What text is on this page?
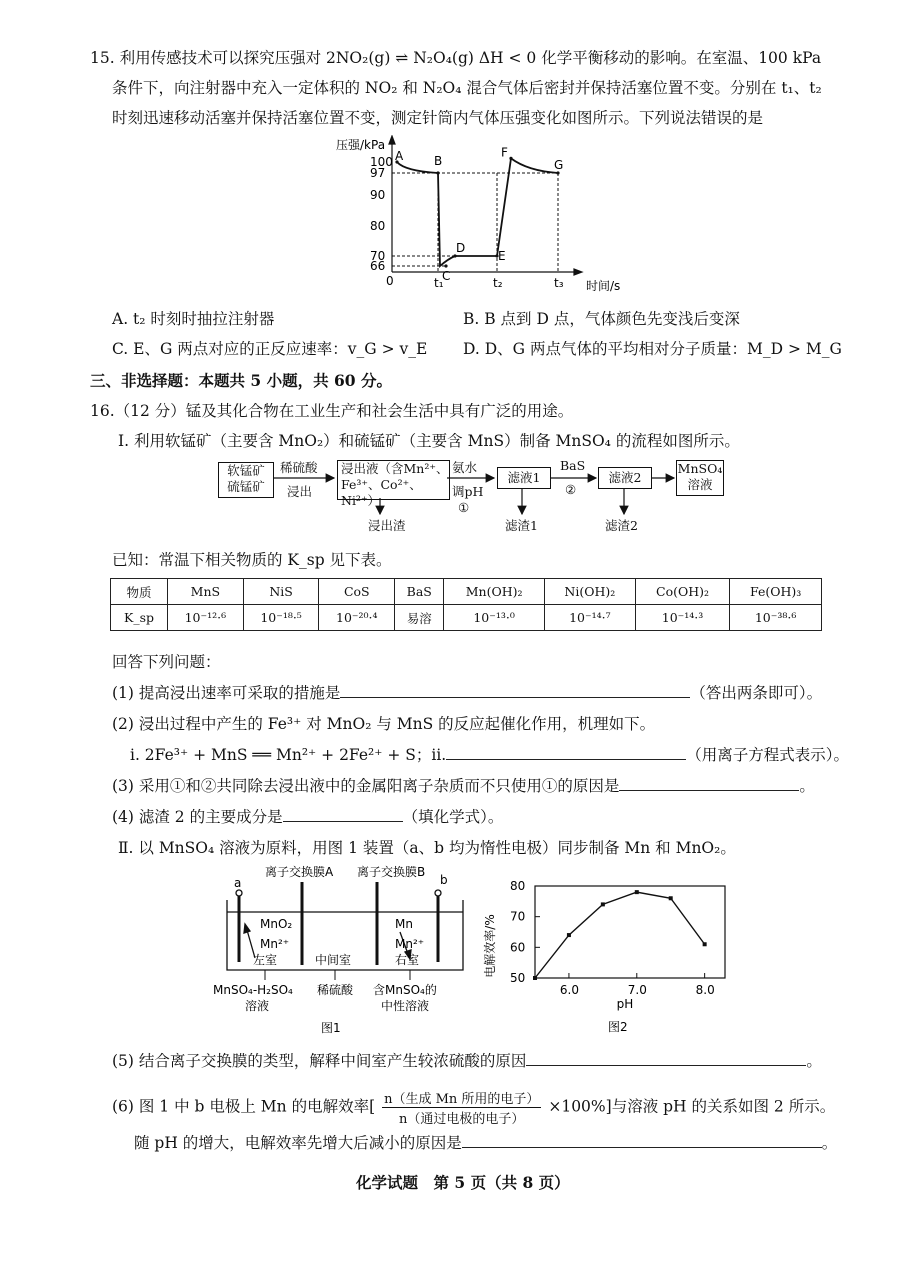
15. 利用传感技术可以探究压强对 2NO₂(g) ⇌ N₂O₄(g) ΔH < 0 化学平衡移动的影响。在室温、100 kPa
条件下，向注射器中充入一定体积的 NO₂ 和 N₂O₄ 混合气体后密封并保持活塞位置不变。分别在 t₁、t₂
时刻迅速移动活塞并保持活塞位置不变，测定针筒内气体压强变化如图所示。下列说法错误的是
压强/kPa
时间/s
0
100
97
90
80
70
66
t₁	t₂	t₃
A	B
C
D
E
F
G
A. t₂ 时刻时抽拉注射器	B. B 点到 D 点，气体颜色先变浅后变深
C. E、G 两点对应的正反应速率：v_G > v_E D. D、G 两点气体的平均相对分子质量：M_D > M_G
三、非选择题：本题共 5 小题，共 60 分。
16.（12 分）锰及其化合物在工业生产和社会生活中具有广泛的用途。
Ⅰ. 利用软锰矿（主要含 MnO₂）和硫锰矿（主要含 MnS）制备 MnSO₄ 的流程如图所示。
软锰矿
硫锰矿
稀硫酸
浸出
浸出液（含Mn²⁺、
Fe³⁺、Co²⁺、Ni²⁺）
浸出渣
氨水
调pH
①
滤液1
滤渣1
BaS
②
滤液2
滤渣2
MnSO₄
溶液
已知：常温下相关物质的 K_sp 见下表。
物质	MnS	NiS	CoS	BaS	Mn(OH)₂	Ni(OH)₂	Co(OH)₂	Fe(OH)₃
K_sp	10⁻¹²·⁶	10⁻¹⁸·⁵	10⁻²⁰·⁴	易溶	10⁻¹³·⁰	10⁻¹⁴·⁷	10⁻¹⁴·³	10⁻³⁸·⁶
回答下列问题：
(1) 提高浸出速率可采取的措施是	（答出两条即可）。
(2) 浸出过程中产生的 Fe³⁺ 对 MnO₂ 与 MnS 的反应起催化作用，机理如下。
ⅰ. 2Fe³⁺ + MnS ══ Mn²⁺ + 2Fe²⁺ + S；ⅱ.	（用离子方程式表示）。
(3) 采用①和②共同除去浸出液中的金属阳离子杂质而不只使用①的原因是	。
(4) 滤渣 2 的主要成分是	（填化学式）。
Ⅱ. 以 MnSO₄ 溶液为原料，用图 1 装置（a、b 均为惰性电极）同步制备 Mn 和 MnO₂。
离子交换膜A 离子交换膜B
a	b
MnO₂
Mn²⁺
左室	中间室
Mn
Mn²⁺
右室
MnSO₄-H₂SO₄
溶液
稀硫酸 含MnSO₄的
中性溶液
图1
电解效率/%
80
70
60
50
6.0	7.0	8.0
pH
图2
(5) 结合离子交换膜的类型，解释中间室产生较浓硫酸的原因	。
(6) 图 1 中 b 电极上 Mn 的电解效率[ n（生成 Mn 所用的电子）
n（通过电极的电子）
×100%]与溶液 pH 的关系如图 2 所示。
随 pH 的增大，电解效率先增大后减小的原因是	。
化学试题　第 5 页（共 8 页）
